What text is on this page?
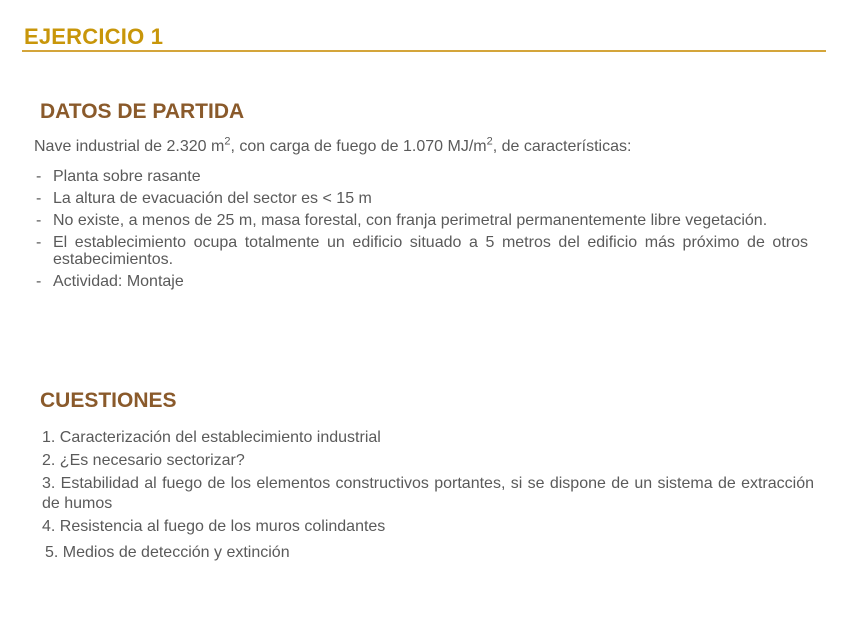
EJERCICIO 1
DATOS DE PARTIDA
Nave industrial de 2.320 $m^2$, con carga de fuego de 1.070 $MJ/m^2$, de características:
- Planta sobre rasante
- La altura de evacuación del sector es < 15 m
- No existe, a menos de 25 m, masa forestal, con franja perimetral permanentemente libre vegetación.
- El establecimiento ocupa totalmente un edificio situado a 5 metros del edificio más próximo de otros estabecimientos.
- Actividad: Montaje
CUESTIONES
1. Caracterización del establecimiento industrial
2. ¿Es necesario sectorizar?
3. Estabilidad al fuego de los elementos constructivos portantes, si se dispone de un sistema de extracción de humos
4. Resistencia al fuego de los muros colindantes
5. Medios de detección y extinción
